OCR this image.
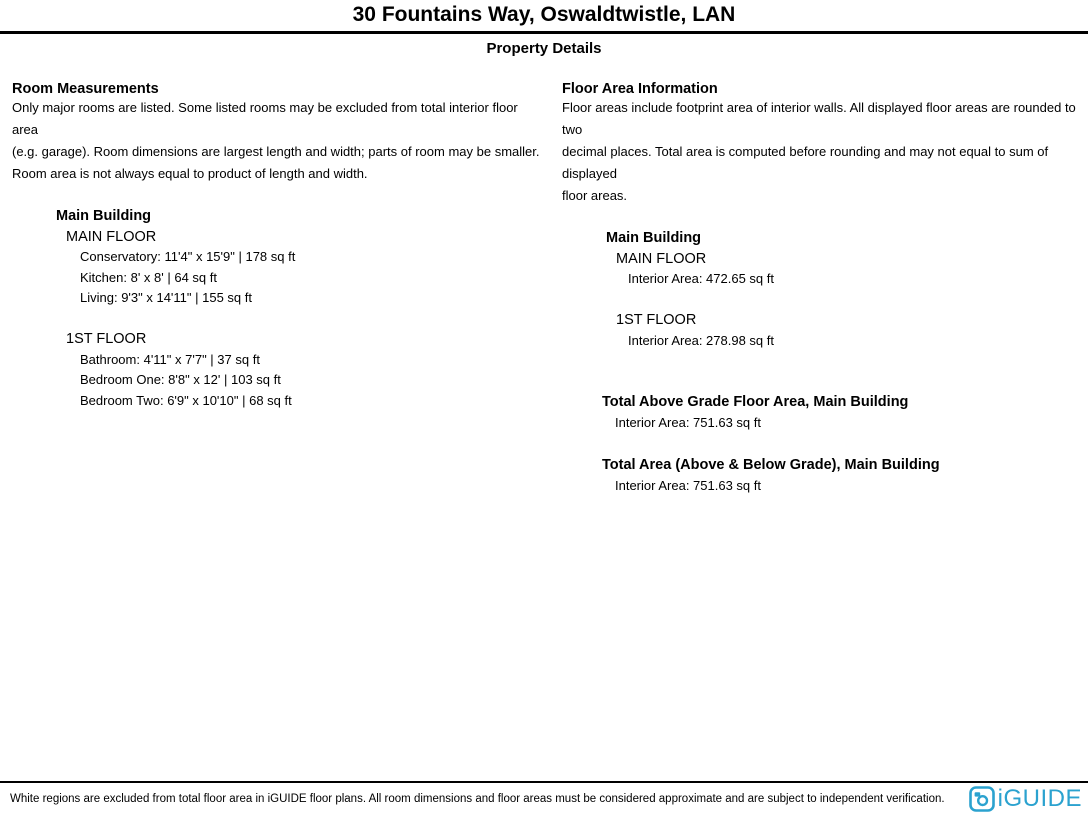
30 Fountains Way, Oswaldtwistle, LAN
Property Details
Room Measurements
Only major rooms are listed. Some listed rooms may be excluded from total interior floor area
(e.g. garage). Room dimensions are largest length and width; parts of room may be smaller.
Room area is not always equal to product of length and width.
Main Building
MAIN FLOOR
Conservatory: 11'4" x 15'9" | 178 sq ft
Kitchen: 8' x 8' | 64 sq ft
Living: 9'3" x 14'11" | 155 sq ft
1ST FLOOR
Bathroom: 4'11" x 7'7" | 37 sq ft
Bedroom One: 8'8" x 12' | 103 sq ft
Bedroom Two: 6'9" x 10'10" | 68 sq ft
Floor Area Information
Floor areas include footprint area of interior walls. All displayed floor areas are rounded to two
decimal places. Total area is computed before rounding and may not equal to sum of displayed
floor areas.
Main Building
MAIN FLOOR
Interior Area: 472.65 sq ft
1ST FLOOR
Interior Area: 278.98 sq ft
Total Above Grade Floor Area, Main Building
Interior Area: 751.63 sq ft
Total Area (Above & Below Grade), Main Building
Interior Area: 751.63 sq ft
White regions are excluded from total floor area in iGUIDE floor plans. All room dimensions and floor areas must be considered approximate and are subject to independent verification. iGUIDE
